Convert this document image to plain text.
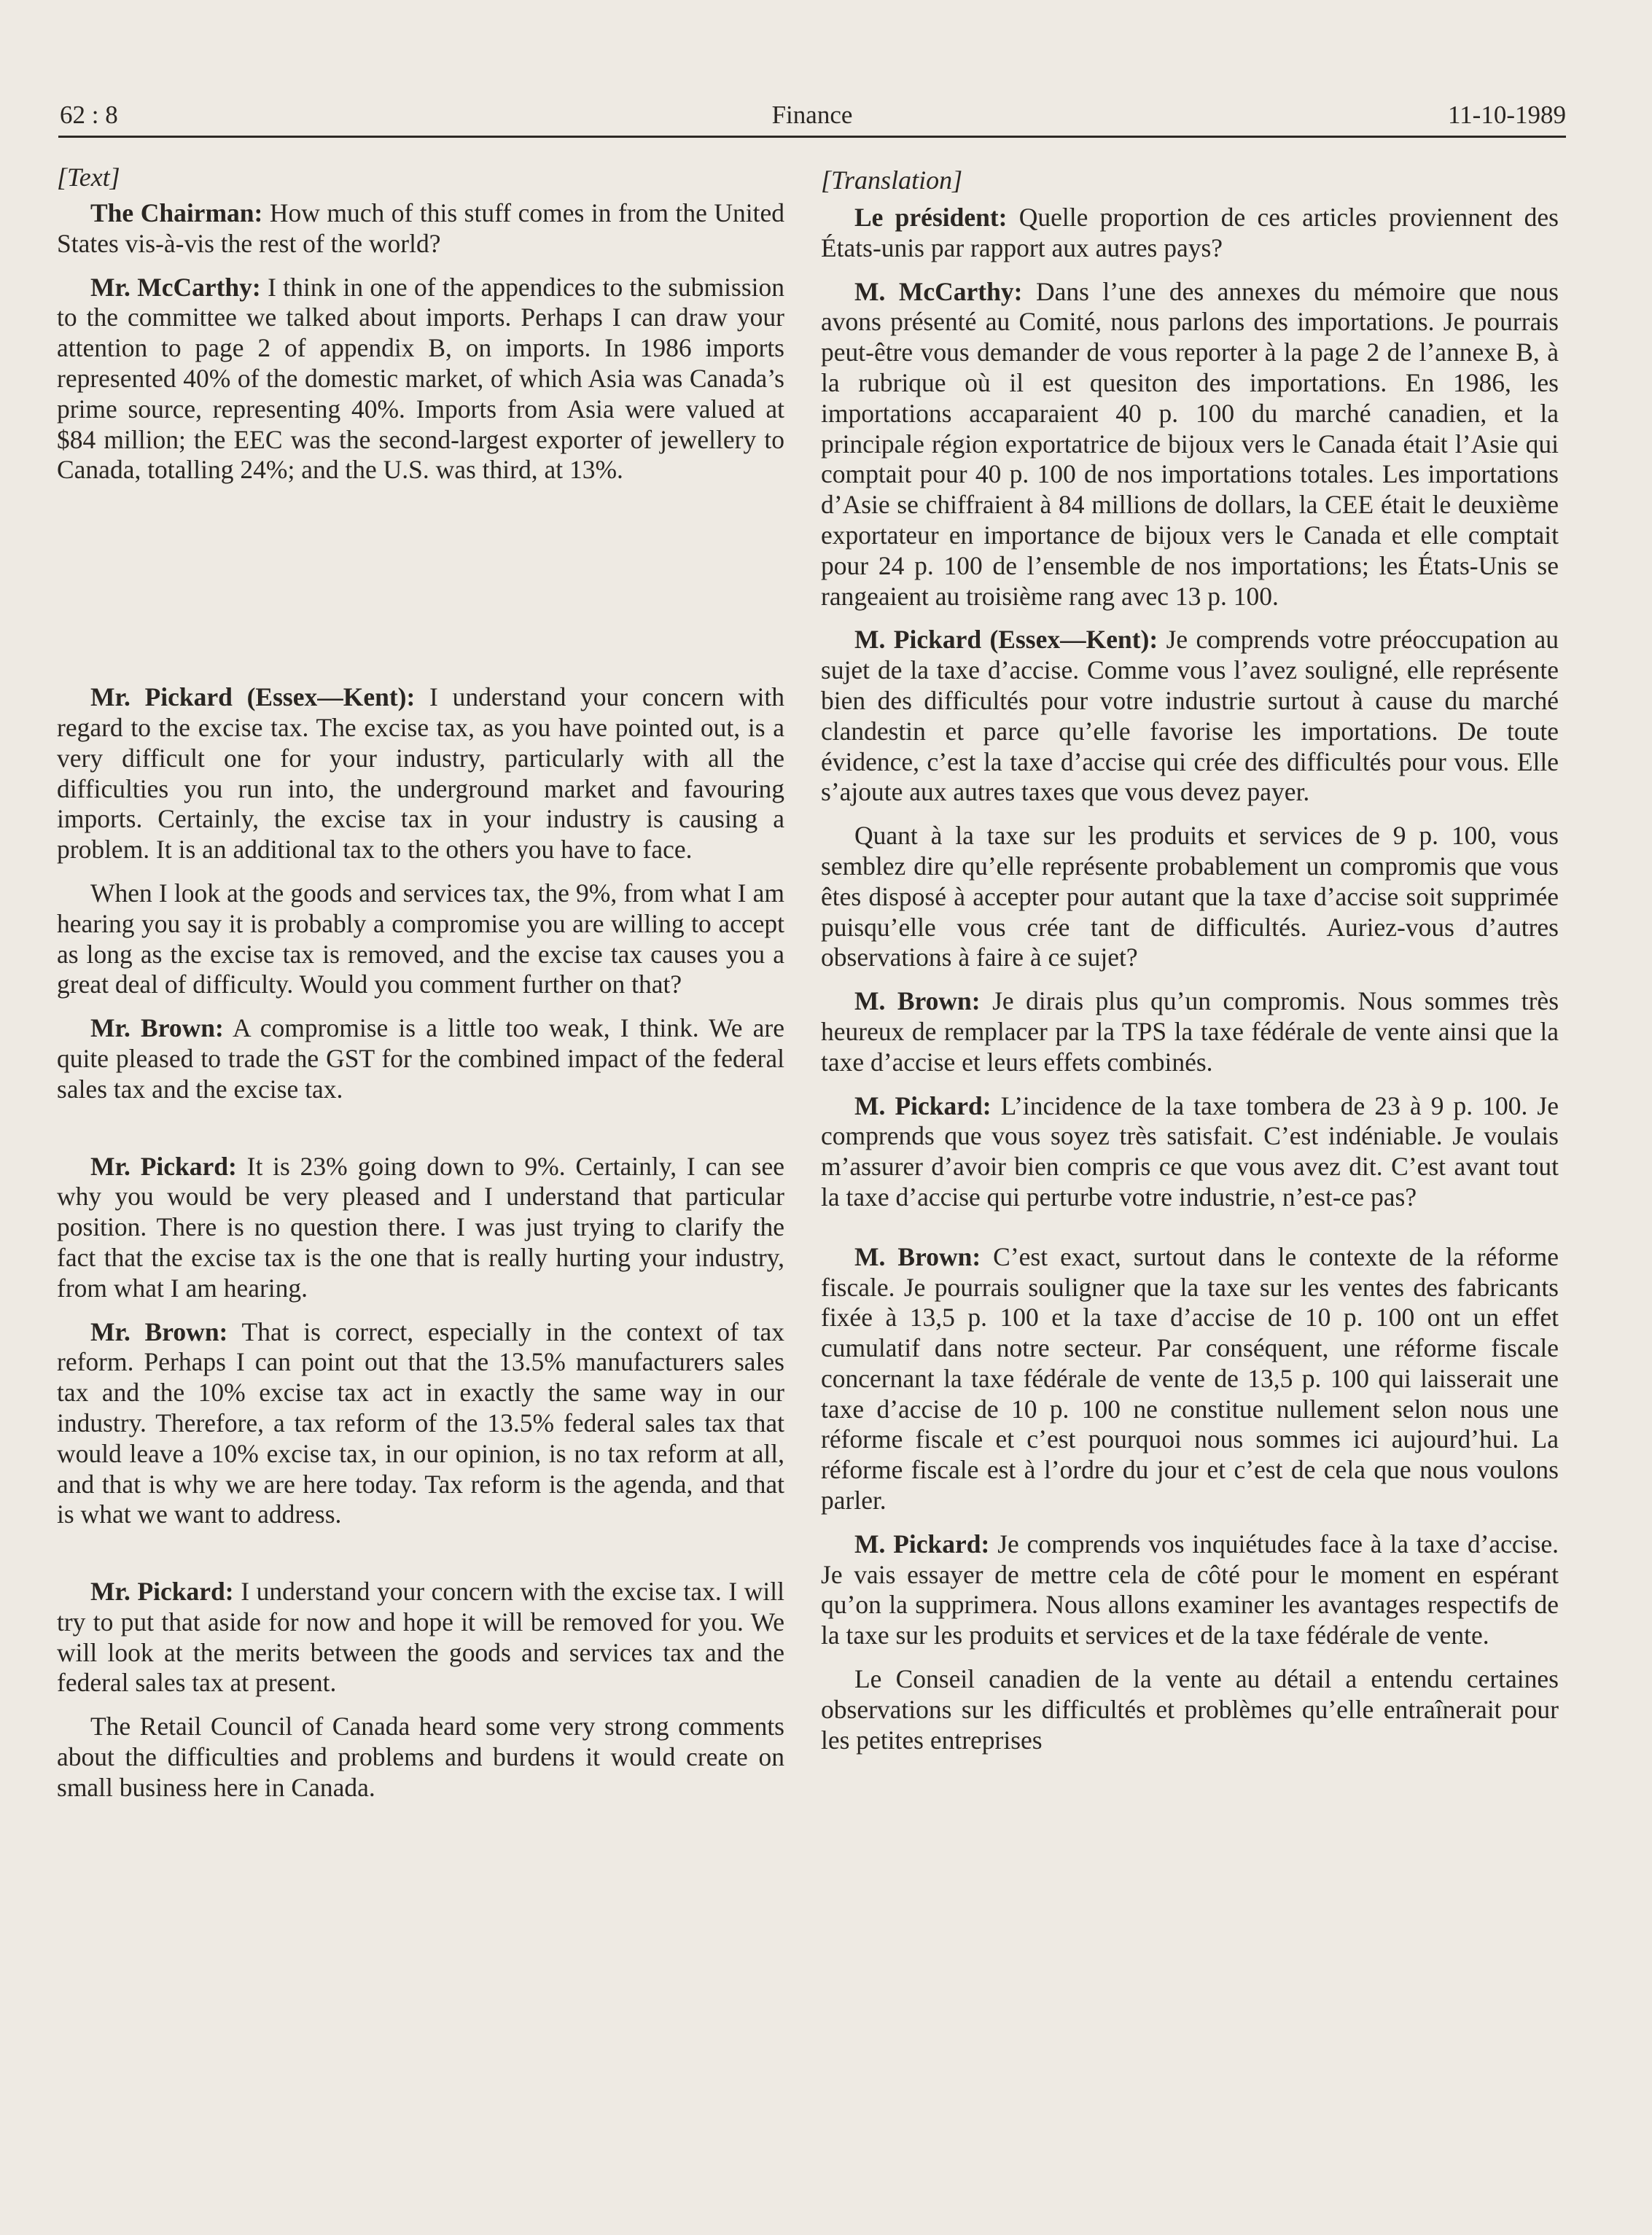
62 : 8	Finance	11-10-1989
[Text]

The Chairman: How much of this stuff comes in from the United States vis-à-vis the rest of the world?

Mr. McCarthy: I think in one of the appendices to the submission to the committee we talked about imports. Perhaps I can draw your attention to page 2 of appendix B, on imports. In 1986 imports represented 40% of the domestic market, of which Asia was Canada’s prime source, representing 40%. Imports from Asia were valued at $84 million; the EEC was the second-largest exporter of jewellery to Canada, totalling 24%; and the U.S. was third, at 13%.

Mr. Pickard (Essex—Kent): I understand your concern with regard to the excise tax. The excise tax, as you have pointed out, is a very difficult one for your industry, particularly with all the difficulties you run into, the underground market and favouring imports. Certainly, the excise tax in your industry is causing a problem. It is an additional tax to the others you have to face.

When I look at the goods and services tax, the 9%, from what I am hearing you say it is probably a compromise you are willing to accept as long as the excise tax is removed, and the excise tax causes you a great deal of difficulty. Would you comment further on that?

Mr. Brown: A compromise is a little too weak, I think. We are quite pleased to trade the GST for the combined impact of the federal sales tax and the excise tax.

Mr. Pickard: It is 23% going down to 9%. Certainly, I can see why you would be very pleased and I understand that particular position. There is no question there. I was just trying to clarify the fact that the excise tax is the one that is really hurting your industry, from what I am hearing.

Mr. Brown: That is correct, especially in the context of tax reform. Perhaps I can point out that the 13.5% manufacturers sales tax and the 10% excise tax act in exactly the same way in our industry. Therefore, a tax reform of the 13.5% federal sales tax that would leave a 10% excise tax, in our opinion, is no tax reform at all, and that is why we are here today. Tax reform is the agenda, and that is what we want to address.

Mr. Pickard: I understand your concern with the excise tax. I will try to put that aside for now and hope it will be removed for you. We will look at the merits between the goods and services tax and the federal sales tax at present.

The Retail Council of Canada heard some very strong comments about the difficulties and problems and burdens it would create on small business here in Canada.

[Translation]

Le président: Quelle proportion de ces articles proviennent des États-unis par rapport aux autres pays?

M. McCarthy: Dans l’une des annexes du mémoire que nous avons présenté au Comité, nous parlons des importations. Je pourrais peut-être vous demander de vous reporter à la page 2 de l’annexe B, à la rubrique où il est quesiton des importations. En 1986, les importations accaparaient 40 p. 100 du marché canadien, et la principale région exportatrice de bijoux vers le Canada était l’Asie qui comptait pour 40 p. 100 de nos importations totales. Les importations d’Asie se chiffraient à 84 millions de dollars, la CEE était le deuxième exportateur en importance de bijoux vers le Canada et elle comptait pour 24 p. 100 de l’ensemble de nos importations; les États-Unis se rangeaient au troisième rang avec 13 p. 100.

M. Pickard (Essex—Kent): Je comprends votre préoccupation au sujet de la taxe d’accise. Comme vous l’avez souligné, elle représente bien des difficultés pour votre industrie surtout à cause du marché clandestin et parce qu’elle favorise les importations. De toute évidence, c’est la taxe d’accise qui crée des difficultés pour vous. Elle s’ajoute aux autres taxes que vous devez payer.

Quant à la taxe sur les produits et services de 9 p. 100, vous semblez dire qu’elle représente probablement un compromis que vous êtes disposé à accepter pour autant que la taxe d’accise soit supprimée puisqu’elle vous crée tant de difficultés. Auriez-vous d’autres observations à faire à ce sujet?

M. Brown: Je dirais plus qu’un compromis. Nous sommes très heureux de remplacer par la TPS la taxe fédérale de vente ainsi que la taxe d’accise et leurs effets combinés.

M. Pickard: L’incidence de la taxe tombera de 23 à 9 p. 100. Je comprends que vous soyez très satisfait. C’est indéniable. Je voulais m’assurer d’avoir bien compris ce que vous avez dit. C’est avant tout la taxe d’accise qui perturbe votre industrie, n’est-ce pas?

M. Brown: C’est exact, surtout dans le contexte de la réforme fiscale. Je pourrais souligner que la taxe sur les ventes des fabricants fixée à 13,5 p. 100 et la taxe d’accise de 10 p. 100 ont un effet cumulatif dans notre secteur. Par conséquent, une réforme fiscale concernant la taxe fédérale de vente de 13,5 p. 100 qui laisserait une taxe d’accise de 10 p. 100 ne constitue nullement selon nous une réforme fiscale et c’est pourquoi nous sommes ici aujourd’hui. La réforme fiscale est à l’ordre du jour et c’est de cela que nous voulons parler.

M. Pickard: Je comprends vos inquiétudes face à la taxe d’accise. Je vais essayer de mettre cela de côté pour le moment en espérant qu’on la supprimera. Nous allons examiner les avantages respectifs de la taxe sur les produits et services et de la taxe fédérale de vente.

Le Conseil canadien de la vente au détail a entendu certaines observations sur les difficultés et problèmes qu’elle entraînerait pour les petites entreprises
